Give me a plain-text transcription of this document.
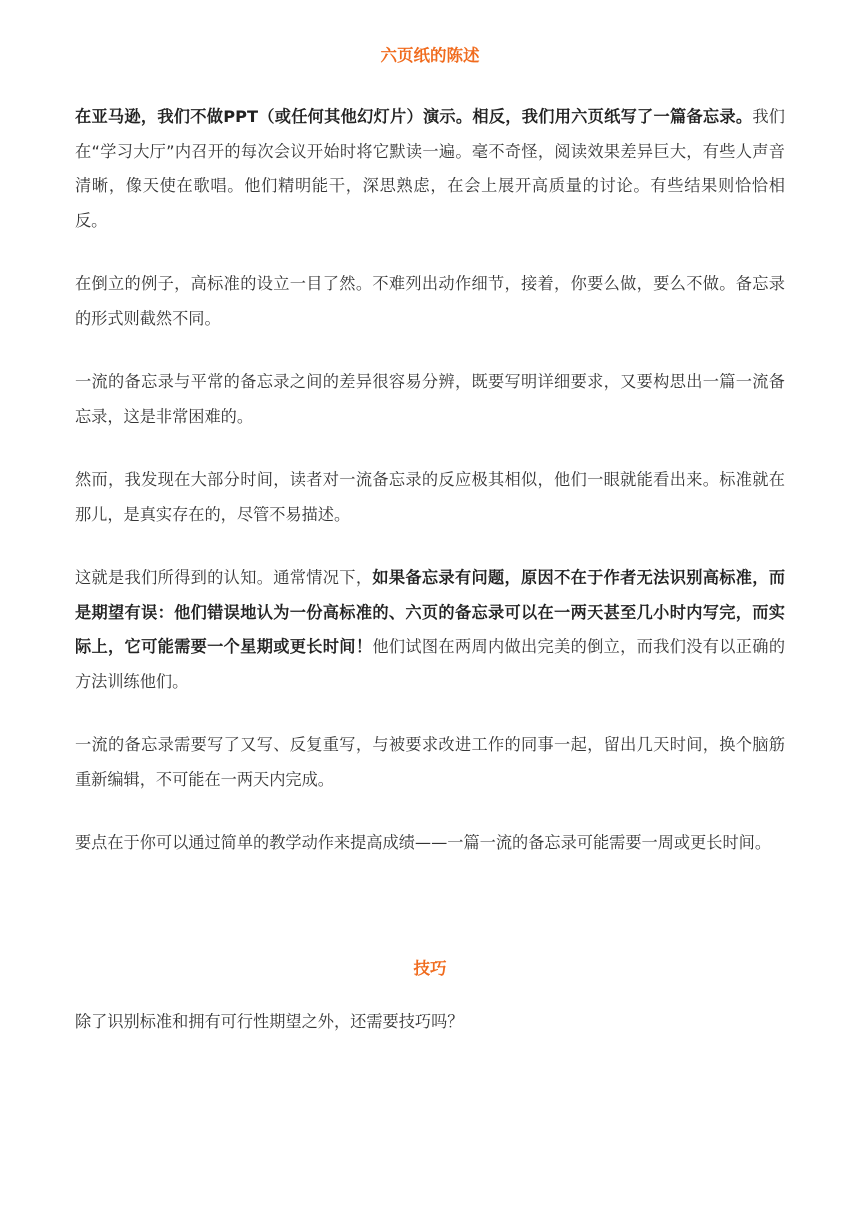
六页纸的陈述

在亚马逊，我们不做PPT（或任何其他幻灯片）演示。相反，我们用六页纸写了一篇备忘录。我们在“学习大厅”内召开的每次会议开始时将它默读一遍。毫不奇怪，阅读效果差异巨大，有些人声音清晰，像天使在歌唱。他们精明能干，深思熟虑，在会上展开高质量的讨论。有些结果则恰恰相反。

在倒立的例子，高标准的设立一目了然。不难列出动作细节，接着，你要么做，要么不做。备忘录的形式则截然不同。

一流的备忘录与平常的备忘录之间的差异很容易分辨，既要写明详细要求，又要构思出一篇一流备忘录，这是非常困难的。

然而，我发现在大部分时间，读者对一流备忘录的反应极其相似，他们一眼就能看出来。标准就在那儿，是真实存在的，尽管不易描述。

这就是我们所得到的认知。通常情况下，如果备忘录有问题，原因不在于作者无法识别高标准，而是期望有误：他们错误地认为一份高标准的、六页的备忘录可以在一两天甚至几小时内写完，而实际上，它可能需要一个星期或更长时间！他们试图在两周内做出完美的倒立，而我们没有以正确的方法训练他们。

一流的备忘录需要写了又写、反复重写，与被要求改进工作的同事一起，留出几天时间，换个脑筋重新编辑，不可能在一两天内完成。

要点在于你可以通过简单的教学动作来提高成绩——一篇一流的备忘录可能需要一周或更长时间。

技巧

除了识别标准和拥有可行性期望之外，还需要技巧吗？
